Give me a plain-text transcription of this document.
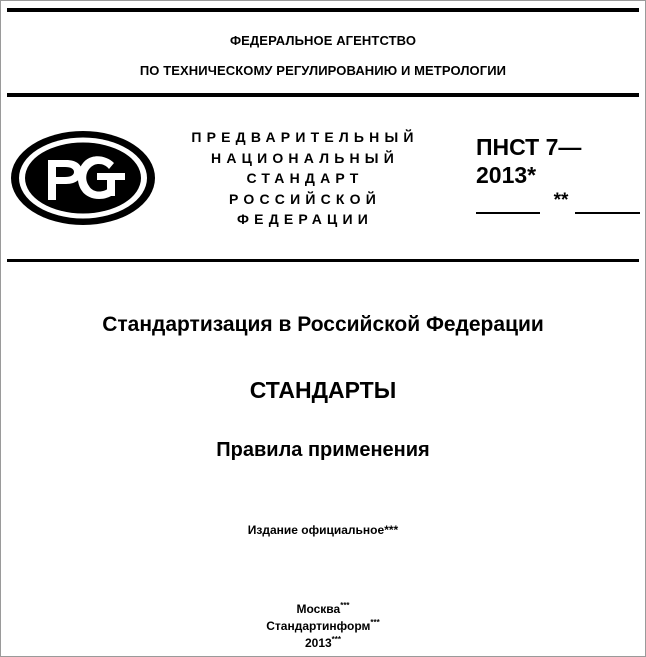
ФЕДЕРАЛЬНОЕ АГЕНТСТВО
ПО ТЕХНИЧЕСКОМУ РЕГУЛИРОВАНИЮ И МЕТРОЛОГИИ
ПРЕДВАРИТЕЛЬНЫЙ
НАЦИОНАЛЬНЫЙ
СТАНДАРТ
РОССИЙСКОЙ
ФЕДЕРАЦИИ
ПНСТ 7—
2013*
**
Стандартизация в Российской Федерации
СТАНДАРТЫ
Правила применения
Издание официальное***
Москва***
Стандартинформ***
2013***
